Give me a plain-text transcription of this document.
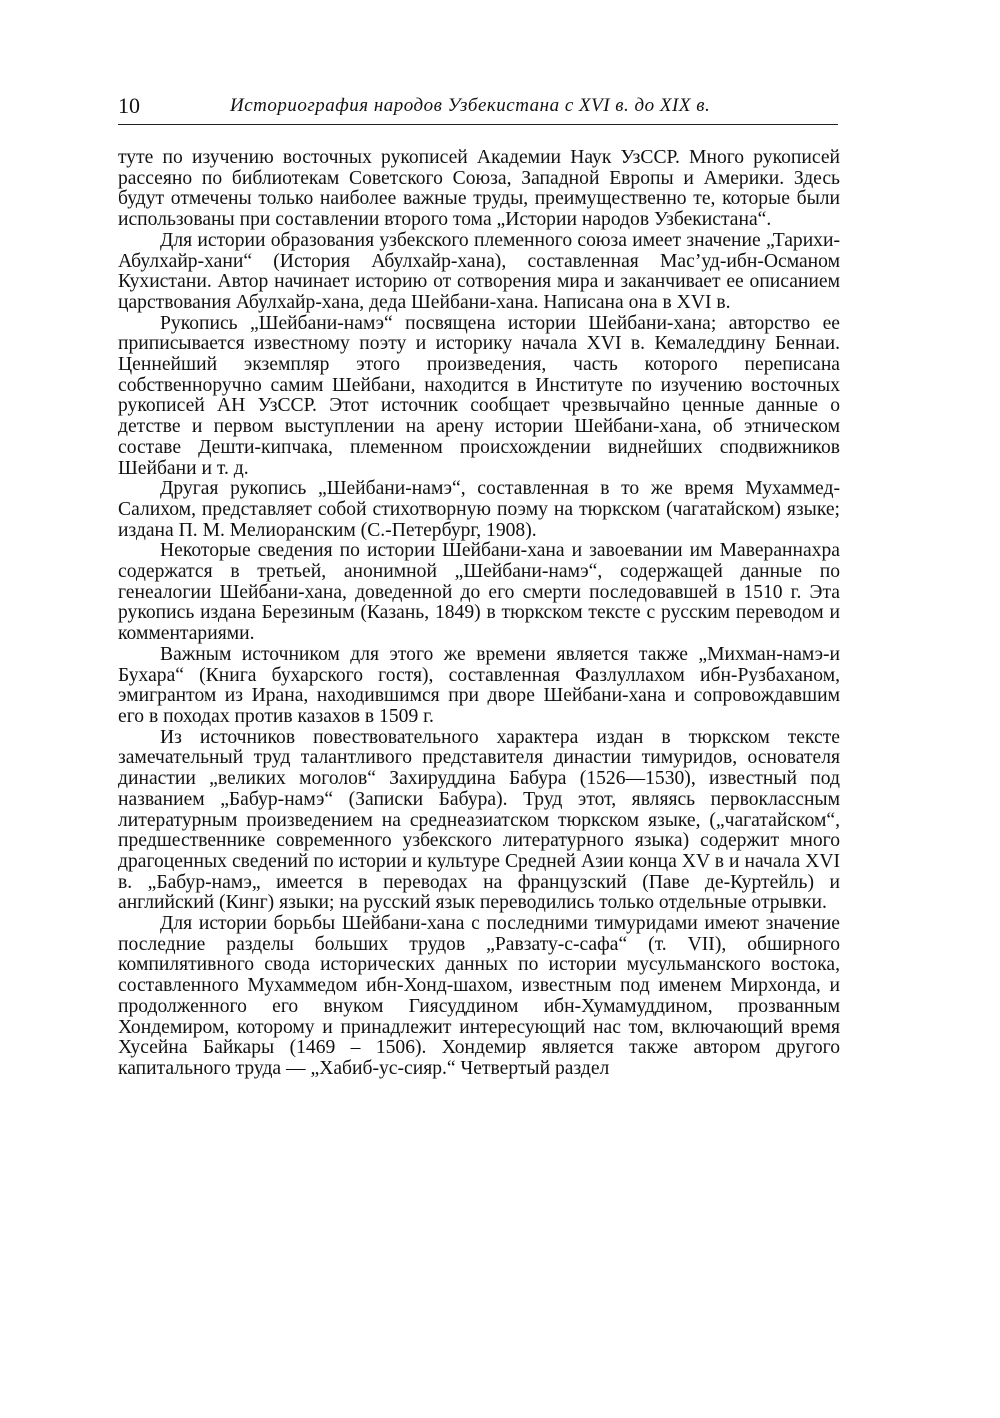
10	Историография народов Узбекистана с XVI в. до XIX в.

туте по изучению восточных рукописей Академии Наук УзССР. Много рукописей рассеяно по библиотекам Советского Союза, Западной Европы и Америки. Здесь будут отмечены только наиболее важные труды, преимущественно те, которые были использованы при составлении второго тома „Истории народов Узбекистана“.

Для истории образования узбекского племенного союза имеет значение „Тарихи-Абулхайр-хани“ (История Абулхайр-хана), составленная Мас’уд-ибн-Османом Кухистани. Автор начинает историю от сотворения мира и заканчивает ее описанием царствования Абулхайр-хана, деда Шейбани-хана. Написана она в XVI в.

Рукопись „Шейбани-намэ“ посвящена истории Шейбани-хана; авторство ее приписывается известному поэту и историку начала XVI в. Кемаледдину Беннаи. Ценнейший экземпляр этого произведения, часть которого переписана собственноручно самим Шейбани, находится в Институте по изучению восточных рукописей АН УзССР. Этот источник сообщает чрезвычайно ценные данные о детстве и первом выступлении на арену истории Шейбани-хана, об этническом составе Дешти-кипчака, племенном происхождении виднейших сподвижников Шейбани и т. д.

Другая рукопись „Шейбани-намэ“, составленная в то же время Мухаммед-Салихом, представляет собой стихотворную поэму на тюркском (чагатайском) языке; издана П. М. Мелиоранским (С.-Петербург, 1908).

Некоторые сведения по истории Шейбани-хана и завоевании им Мавераннахра содержатся в третьей, анонимной „Шейбани-намэ“, содержащей данные по генеалогии Шейбани-хана, доведенной до его смерти последовавшей в 1510 г. Эта рукопись издана Березиным (Казань, 1849) в тюркском тексте с русским переводом и комментариями.

Важным источником для этого же времени является также „Михман-намэ-и Бухара“ (Книга бухарского гостя), составленная Фазлуллахом ибн-Рузбаханом, эмигрантом из Ирана, находившимся при дворе Шейбани-хана и сопровождавшим его в походах против казахов в 1509 г.

Из источников повествовательного характера издан в тюркском тексте замечательный труд талантливого представителя династии тимуридов, основателя династии „великих моголов“ Захируддина Бабура (1526—1530), известный под названием „Бабур-намэ“ (Записки Бабура). Труд этот, являясь первоклассным литературным произведением на среднеазиатском тюркском языке, („чагатайском“, предшественнике современного узбекского литературного языка) содержит много драгоценных сведений по истории и культуре Средней Азии конца XV в и начала XVI в. „Бабур-намэ„ имеется в переводах на французский (Паве де-Куртейль) и английский (Кинг) языки; на русский язык переводились только отдельные отрывки.

Для истории борьбы Шейбани-хана с последними тимуридами имеют значение последние разделы больших трудов „Равзату-с-сафа“ (т. VII), обширного компилятивного свода исторических данных по истории мусульманского востока, составленного Мухаммедом ибн-Хонд-шахом, известным под именем Мирхонда, и продолженного его внуком Гиясуддином ибн-Хумамуддином, прозванным Хондемиром, которому и принадлежит интересующий нас том, включающий время Хусейна Байкары (1469 – 1506). Хондемир является также автором другого капитального труда — „Хабиб-ус-сияр.“ Четвертый раздел
